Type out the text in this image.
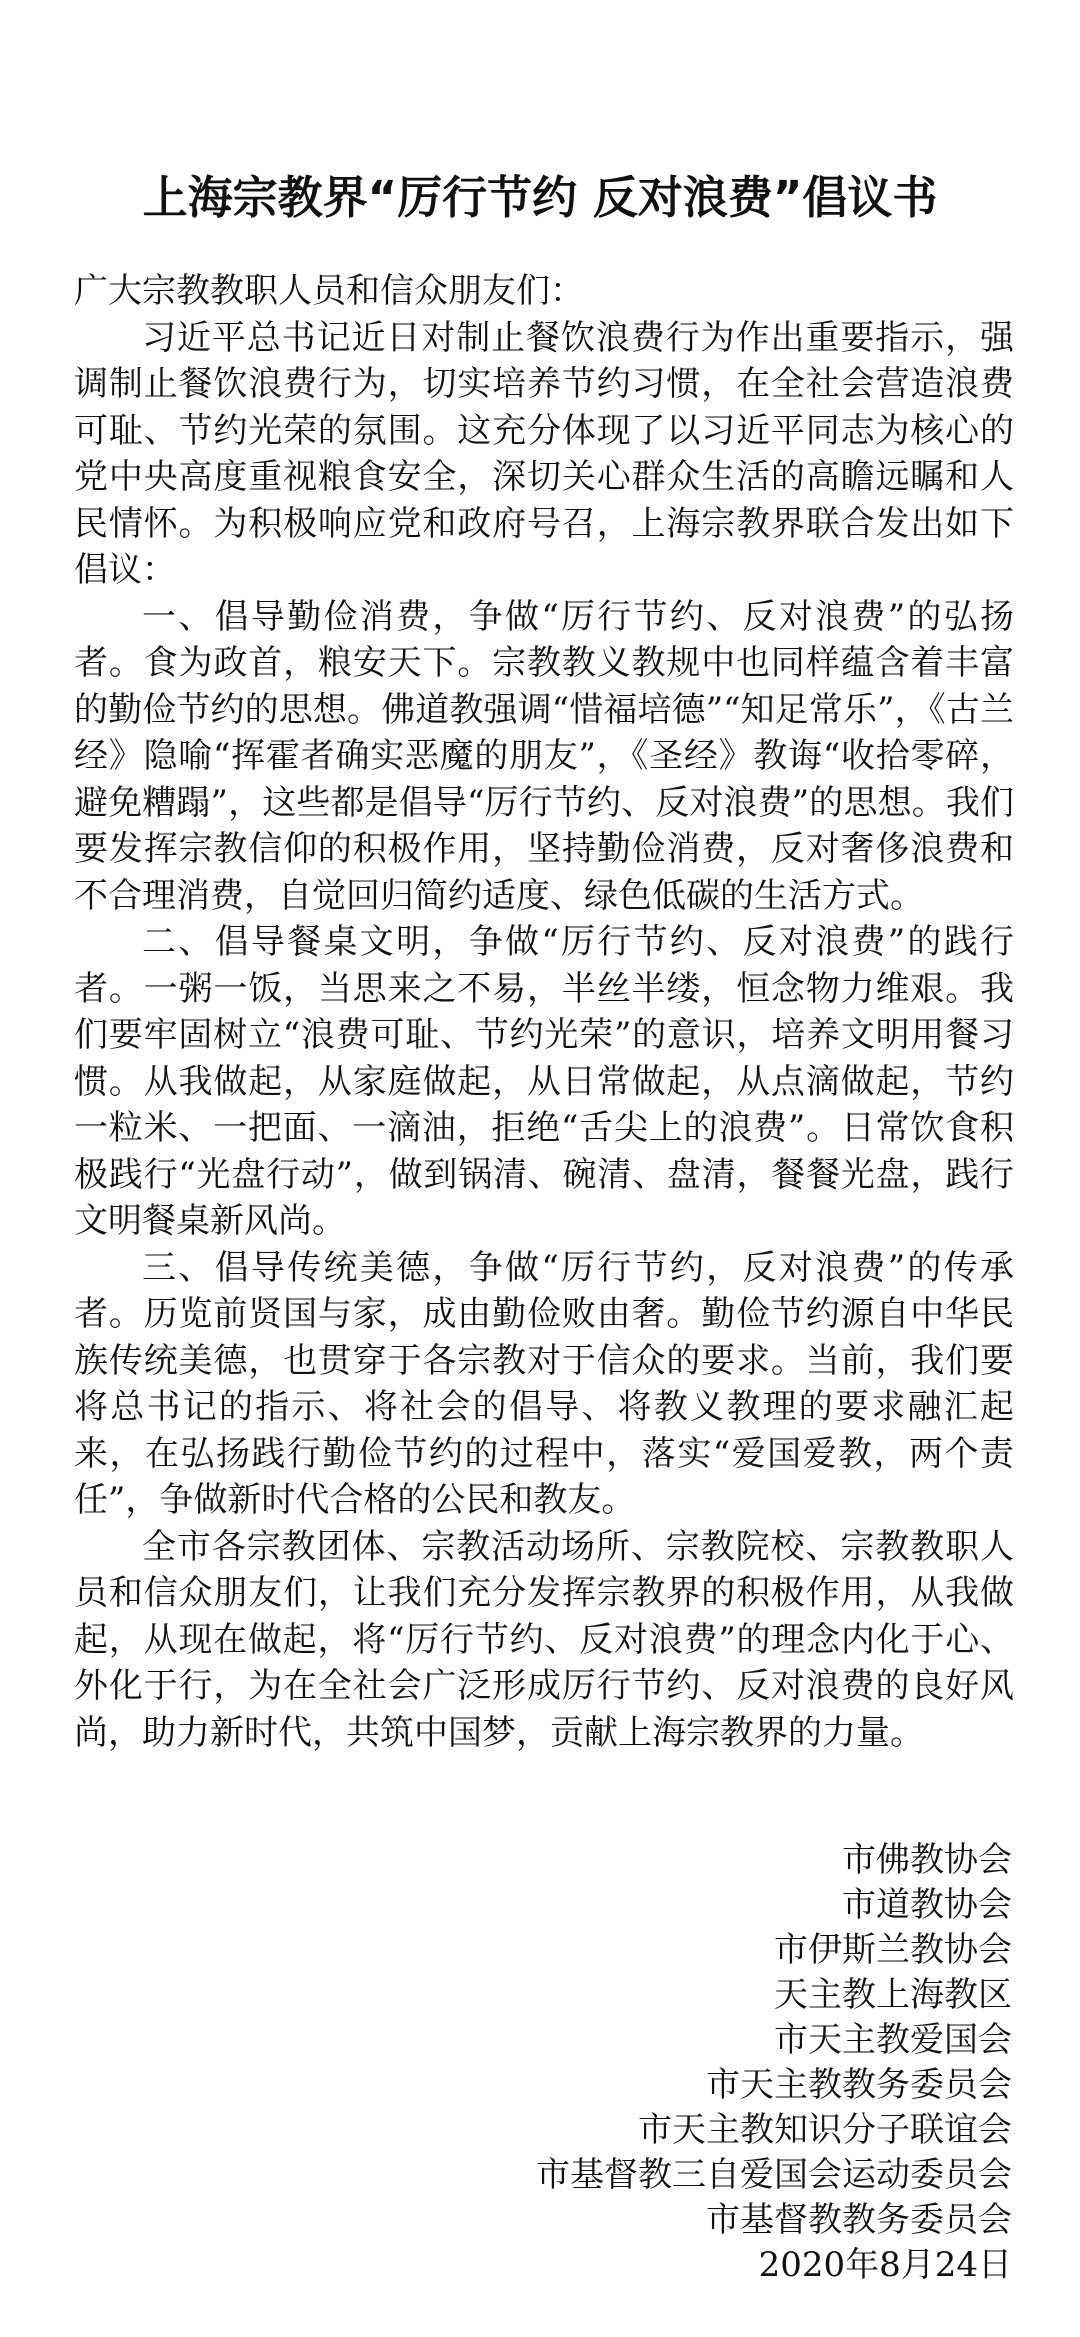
上海宗教界“厉行节约 反对浪费”倡议书

广大宗教教职人员和信众朋友们：

习近平总书记近日对制止餐饮浪费行为作出重要指示，强调制止餐饮浪费行为，切实培养节约习惯，在全社会营造浪费可耻、节约光荣的氛围。这充分体现了以习近平同志为核心的党中央高度重视粮食安全，深切关心群众生活的高瞻远瞩和人民情怀。为积极响应党和政府号召，上海宗教界联合发出如下倡议：

一、倡导勤俭消费，争做“厉行节约、反对浪费”的弘扬者。食为政首，粮安天下。宗教教义教规中也同样蕴含着丰富的勤俭节约的思想。佛道教强调“惜福培德”“知足常乐”，《古兰经》隐喻“挥霍者确实恶魔的朋友”，《圣经》教诲“收拾零碎，避免糟蹋”，这些都是倡导“厉行节约、反对浪费”的思想。我们要发挥宗教信仰的积极作用，坚持勤俭消费，反对奢侈浪费和不合理消费，自觉回归简约适度、绿色低碳的生活方式。

二、倡导餐桌文明，争做“厉行节约、反对浪费”的践行者。一粥一饭，当思来之不易，半丝半缕，恒念物力维艰。我们要牢固树立“浪费可耻、节约光荣”的意识，培养文明用餐习惯。从我做起，从家庭做起，从日常做起，从点滴做起，节约一粒米、一把面、一滴油，拒绝“舌尖上的浪费”。日常饮食积极践行“光盘行动”，做到锅清、碗清、盘清，餐餐光盘，践行文明餐桌新风尚。

三、倡导传统美德，争做“厉行节约，反对浪费”的传承者。历览前贤国与家，成由勤俭败由奢。勤俭节约源自中华民族传统美德，也贯穿于各宗教对于信众的要求。当前，我们要将总书记的指示、将社会的倡导、将教义教理的要求融汇起来，在弘扬践行勤俭节约的过程中，落实“爱国爱教，两个责任”，争做新时代合格的公民和教友。

全市各宗教团体、宗教活动场所、宗教院校、宗教教职人员和信众朋友们，让我们充分发挥宗教界的积极作用，从我做起，从现在做起，将“厉行节约、反对浪费”的理念内化于心、外化于行，为在全社会广泛形成厉行节约、反对浪费的良好风尚，助力新时代，共筑中国梦，贡献上海宗教界的力量。

市佛教协会
市道教协会
市伊斯兰教协会
天主教上海教区
市天主教爱国会
市天主教教务委员会
市天主教知识分子联谊会
市基督教三自爱国会运动委员会
市基督教教务委员会
2020年8月24日
